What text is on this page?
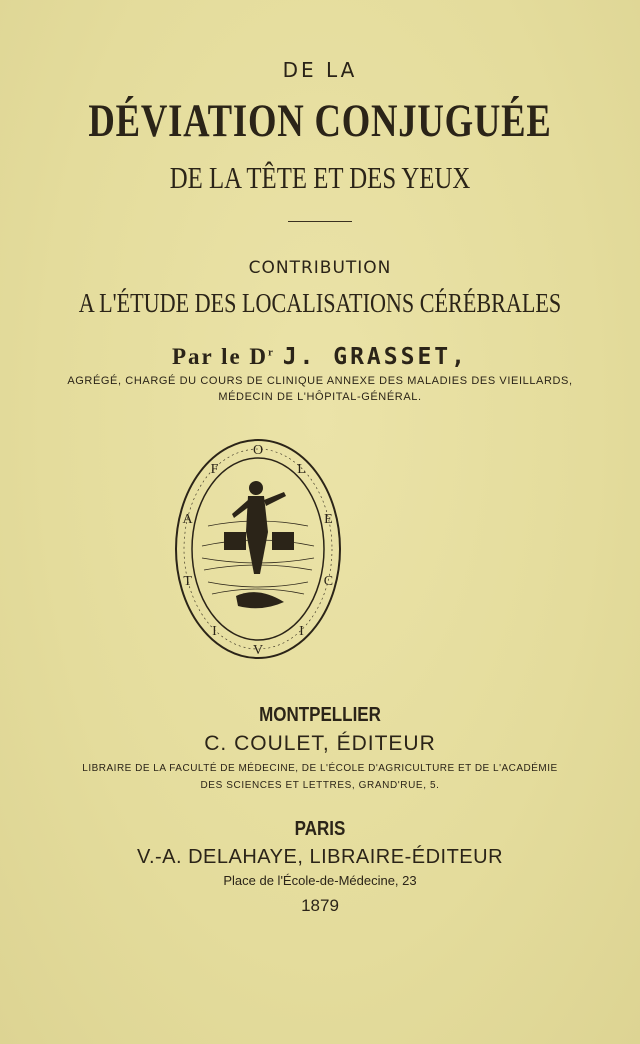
DE LA
DÉVIATION CONJUGUÉE
DE LA TÊTE ET DES YEUX
CONTRIBUTION
A L'ÉTUDE DES LOCALISATIONS CÉRÉBRALES
Par le $D^r$ J. GRASSET,
AGRÉGÉ, CHARGÉ DU COURS DE CLINIQUE ANNEXE DES MALADIES DES VIEILLARDS,
MÉDECIN DE L'HÔPITAL-GÉNÉRAL.
O
L
E
C
I
V
I
T
A
F
MONTPELLIER
C. COULET, ÉDITEUR
LIBRAIRE DE LA FACULTÉ DE MÉDECINE, DE L'ÉCOLE D'AGRICULTURE ET DE L'ACADÉMIE
DES SCIENCES ET LETTRES, GRAND'RUE, 5.
PARIS
V.-A. DELAHAYE, LIBRAIRE-ÉDITEUR
Place de l'École-de-Médecine, 23
1879
